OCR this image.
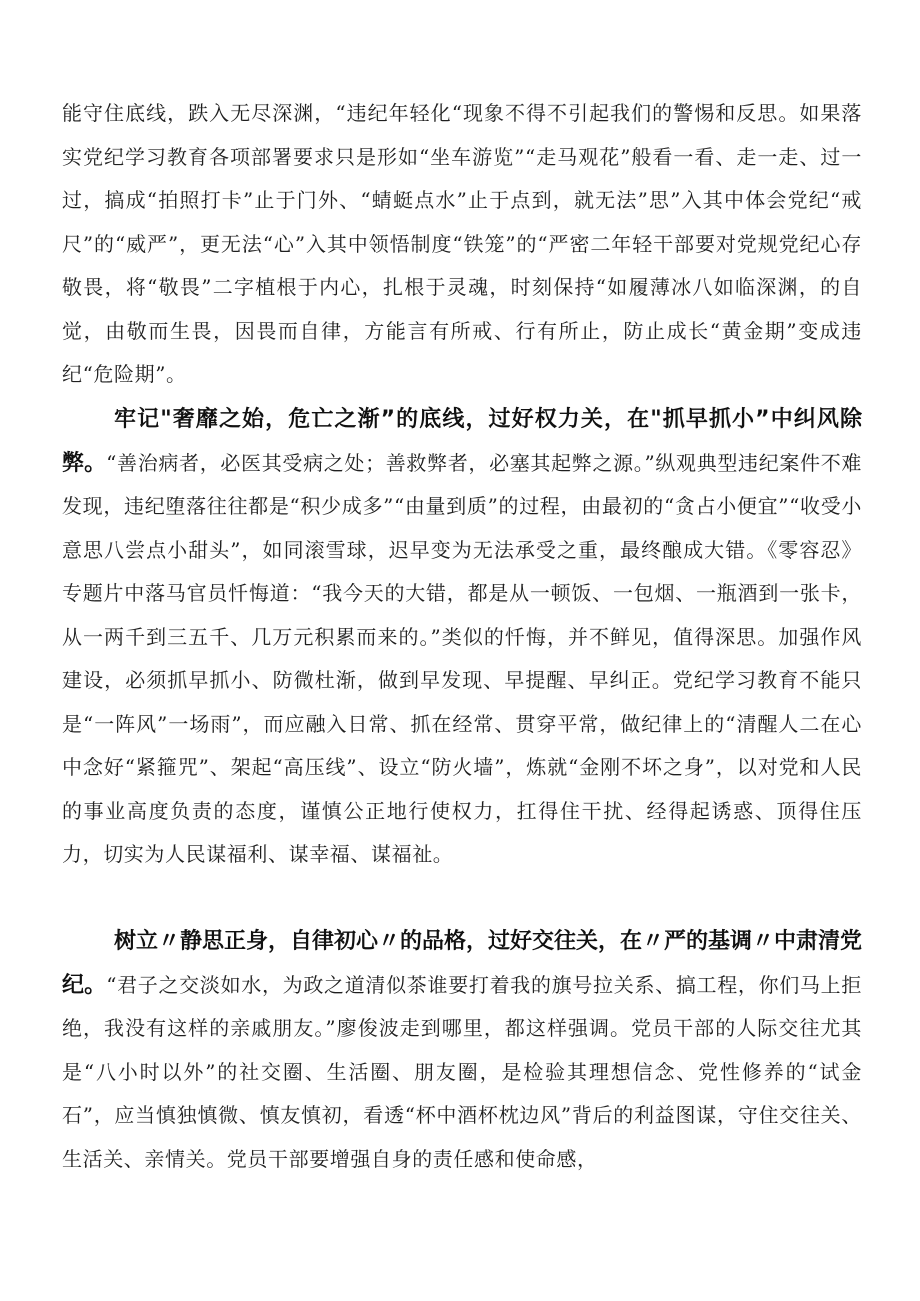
能守住底线，跌入无尽深渊，“违纪年轻化“现象不得不引起我们的警惕和反思。如果落实党纪学习教育各项部署要求只是形如“坐车游览”“走马观花”般看一看、走一走、过一过，搞成“拍照打卡”止于门外、“蜻蜓点水”止于点到，就无法”思”入其中体会党纪“戒尺”的“威严”，更无法“心”入其中领悟制度“铁笼”的“严密二年轻干部要对党规党纪心存敬畏，将“敬畏”二字植根于内心，扎根于灵魂，时刻保持“如履薄冰八如临深渊，的自觉，由敬而生畏，因畏而自律，方能言有所戒、行有所止，防止成长“黄金期”变成违纪“危险期”。

牢记"奢靡之始，危亡之渐”的底线，过好权力关，在"抓早抓小”中纠风除弊。“善治病者，必医其受病之处；善救弊者，必塞其起弊之源。”纵观典型违纪案件不难发现，违纪堕落往往都是“积少成多”“由量到质”的过程，由最初的“贪占小便宜”“收受小意思八尝点小甜头”，如同滚雪球，迟早变为无法承受之重，最终酿成大错。《零容忍》专题片中落马官员忏悔道：“我今天的大错，都是从一顿饭、一包烟、一瓶酒到一张卡，从一两千到三五千、几万元积累而来的。”类似的忏悔，并不鲜见，值得深思。加强作风建设，必须抓早抓小、防微杜渐，做到早发现、早提醒、早纠正。党纪学习教育不能只是“一阵风”一场雨”，而应融入日常、抓在经常、贯穿平常，做纪律上的“清醒人二在心中念好“紧箍咒”、架起“高压线”、设立“防火墙”，炼就“金刚不坏之身”，以对党和人民的事业高度负责的态度，谨慎公正地行使权力，扛得住干扰、经得起诱惑、顶得住压力，切实为人民谋福利、谋幸福、谋福祉。

树立〃静思正身，自律初心〃的品格，过好交往关，在〃严的基调〃中肃清党纪。“君子之交淡如水，为政之道清似茶谁要打着我的旗号拉关系、搞工程，你们马上拒绝，我没有这样的亲戚朋友。”廖俊波走到哪里，都这样强调。党员干部的人际交往尤其是“八小时以外”的社交圈、生活圈、朋友圈，是检验其理想信念、党性修养的“试金石”，应当慎独慎微、慎友慎初，看透“杯中酒杯枕边风”背后的利益图谋，守住交往关、生活关、亲情关。党员干部要增强自身的责任感和使命感，
